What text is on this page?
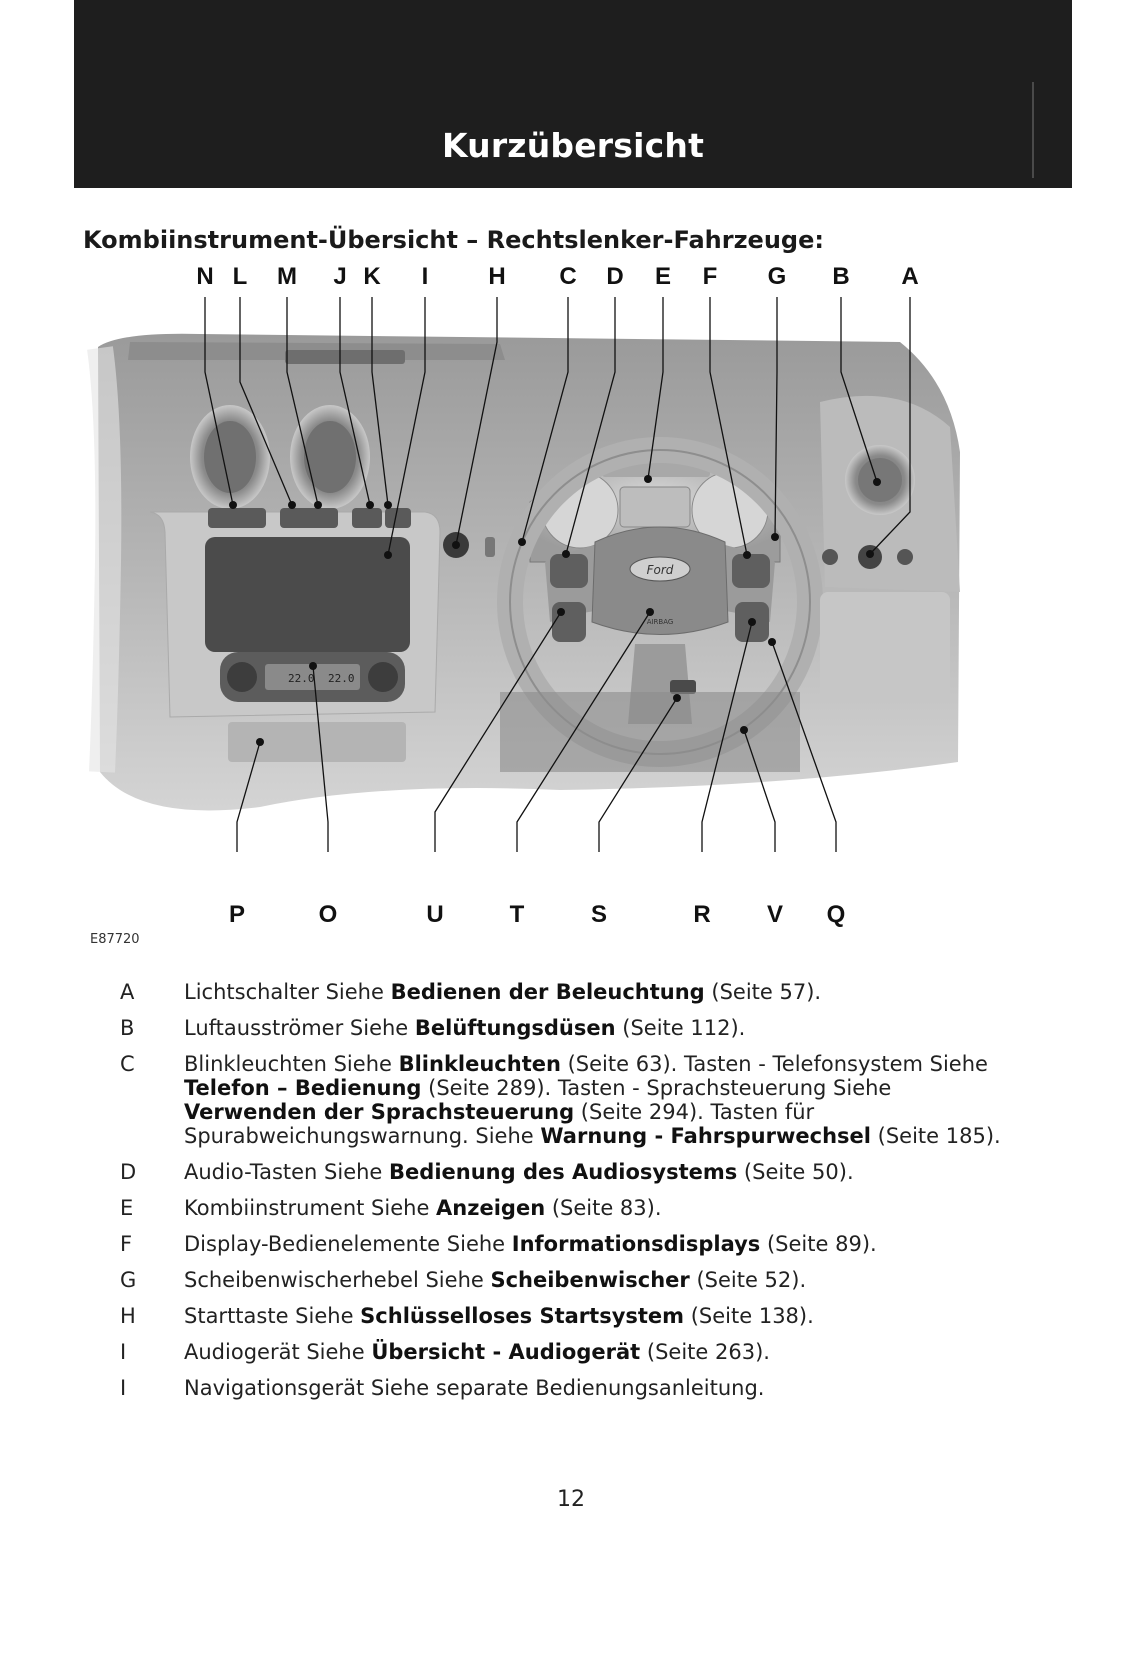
Kurzübersicht
Kombiinstrument-Übersicht – Rechtslenker-Fahrzeuge:
22.0 22.0
Ford
AIRBAG
N L M J K I H C D E F G B A
P	O	U	T	S	R V Q
E87720
A	Lichtschalter Siehe Bedienen der Beleuchtung (Seite 57).
B	Luftausströmer Siehe Belüftungsdüsen (Seite 112).
C	Blinkleuchten Siehe Blinkleuchten (Seite 63). Tasten - Telefonsystem Siehe Telefon – Bedienung (Seite 289). Tasten - Sprachsteuerung Siehe Verwenden der Sprachsteuerung (Seite 294). Tasten für Spurabweichungswarnung. Siehe Warnung - Fahrspurwechsel (Seite 185).
D	Audio-Tasten Siehe Bedienung des Audiosystems (Seite 50).
E	Kombiinstrument Siehe Anzeigen (Seite 83).
F	Display-Bedienelemente Siehe Informationsdisplays (Seite 89).
G	Scheibenwischerhebel Siehe Scheibenwischer (Seite 52).
H	Starttaste Siehe Schlüsselloses Startsystem (Seite 138).
I	Audiogerät Siehe Übersicht - Audiogerät (Seite 263).
I	Navigationsgerät Siehe separate Bedienungsanleitung.
12
